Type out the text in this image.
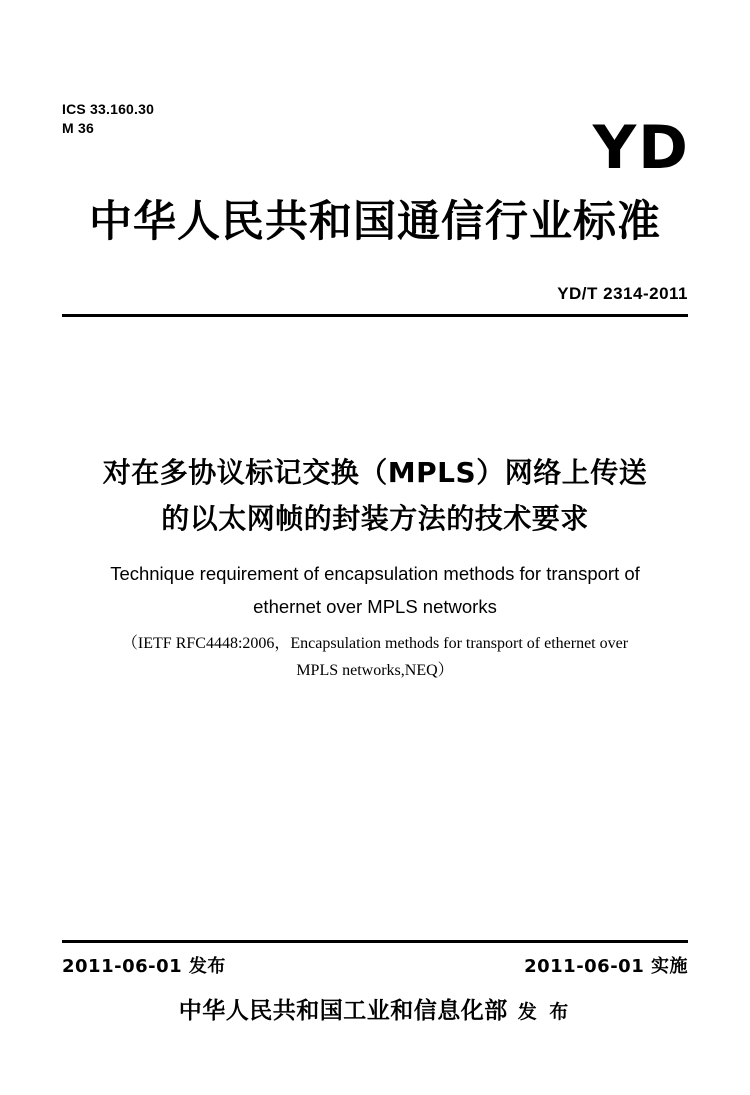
ICS 33.160.30
M 36	YD
中华人民共和国通信行业标准
YD/T 2314-2011
对在多协议标记交换（MPLS）网络上传送
的以太网帧的封装方法的技术要求
Technique requirement of encapsulation methods for transport of
ethernet over MPLS networks
（IETF RFC4448:2006，Encapsulation methods for transport of ethernet over
MPLS networks,NEQ）
2011-06-01 发布	2011-06-01 实施
中华人民共和国工业和信息化部 发 布
